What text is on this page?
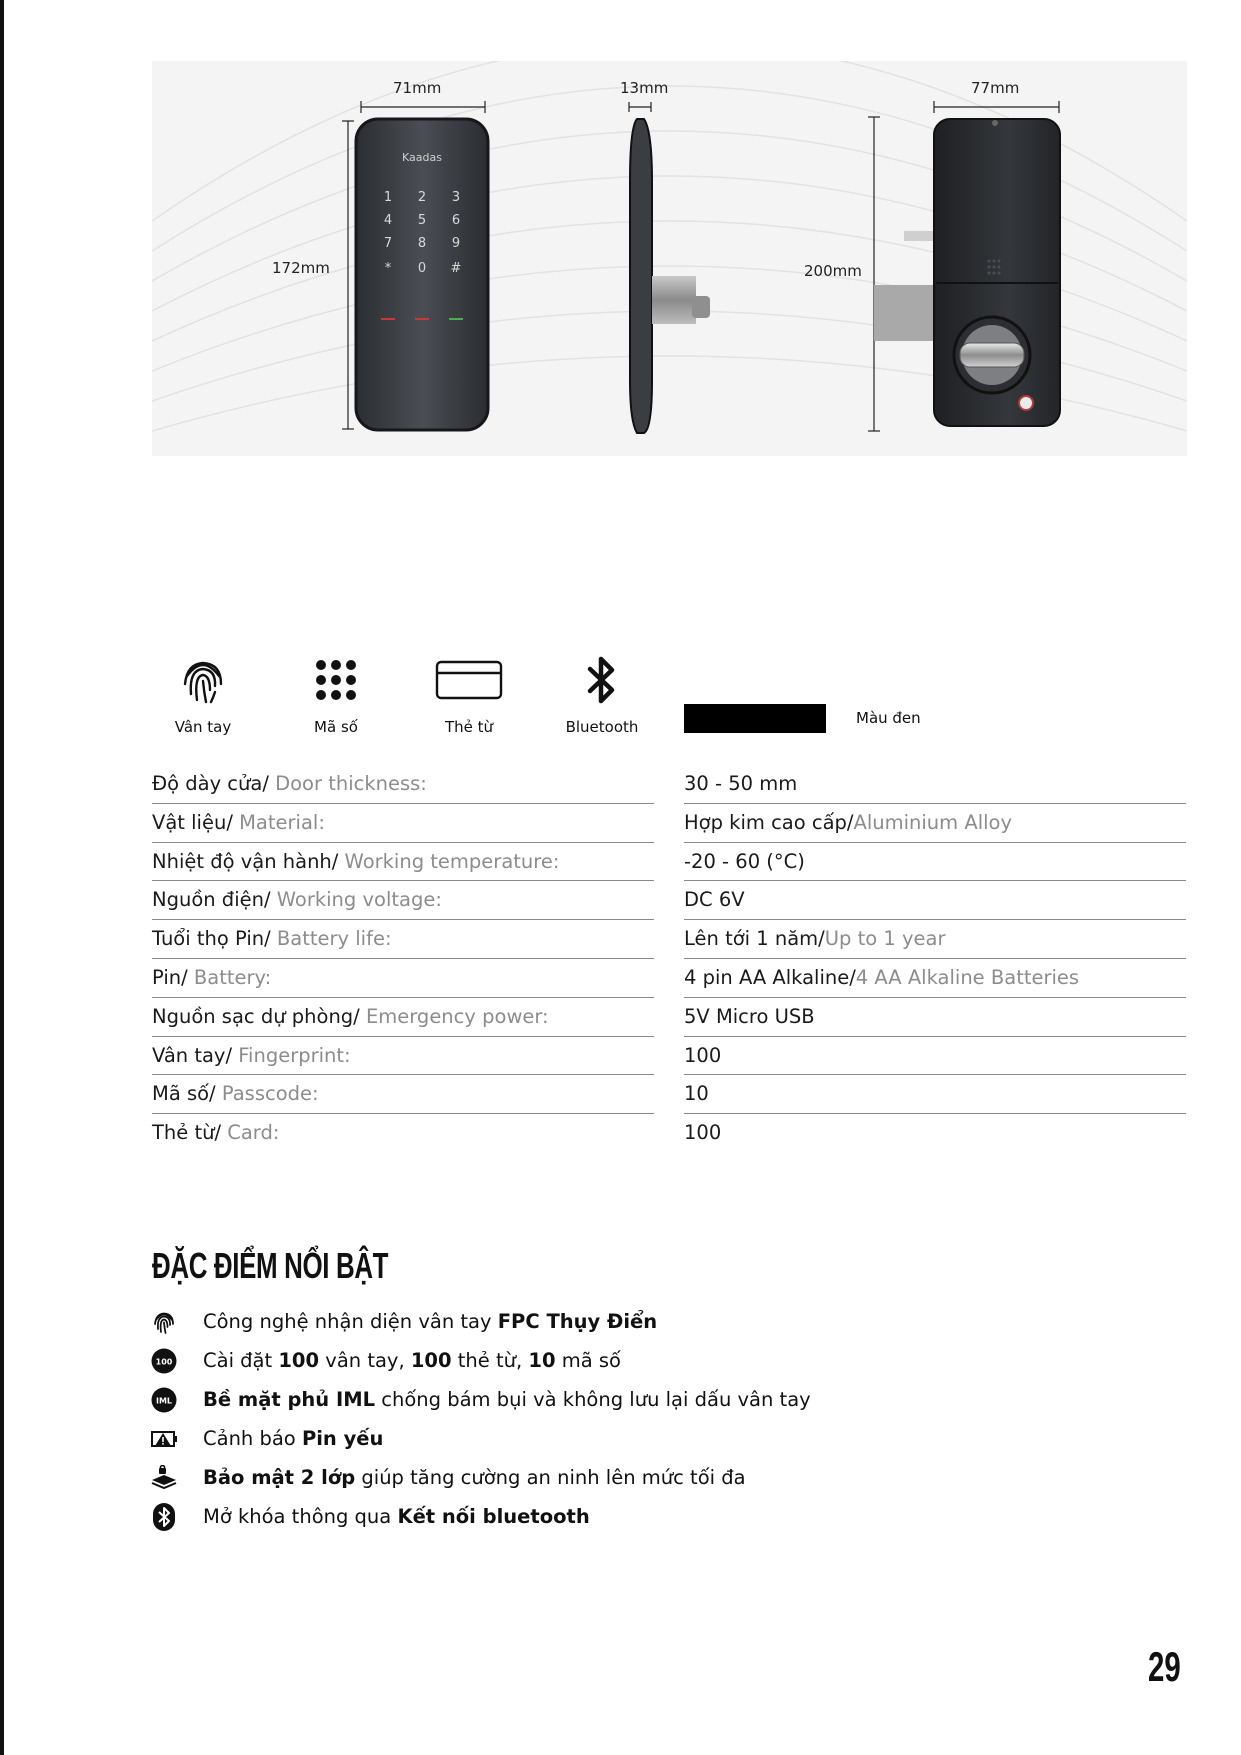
Kaadas
1 2 3
4 5 6
7 8 9
* 0 #
71mm
172mm
13mm	77mm
200mm
Vân tay	Mã số	Thẻ từ	Bluetooth	Màu đen
Độ dày cửa/ Door thickness:	30 - 50 mm
Vật liệu/ Material:	Hợp kim cao cấp/Aluminium Alloy
Nhiệt độ vận hành/ Working temperature:	-20 - 60 (°C)
Nguồn điện/ Working voltage:	DC 6V
Tuổi thọ Pin/ Battery life:	Lên tới 1 năm/Up to 1 year
Pin/ Battery:	4 pin AA Alkaline/4 AA Alkaline Batteries
Nguồn sạc dự phòng/ Emergency power:	5V Micro USB
Vân tay/ Fingerprint:	100
Mã số/ Passcode:	10
Thẻ từ/ Card:	100
ĐẶC ĐIỂM NỔI BẬT
Công nghệ nhận diện vân tay FPC Thụy Điển
100 Cài đặt 100 vân tay, 100 thẻ từ, 10 mã số
IML Bề mặt phủ IML chống bám bụi và không lưu lại dấu vân tay
Cảnh báo Pin yếu
Bảo mật 2 lớp giúp tăng cường an ninh lên mức tối đa
Mở khóa thông qua Kết nối bluetooth
29
